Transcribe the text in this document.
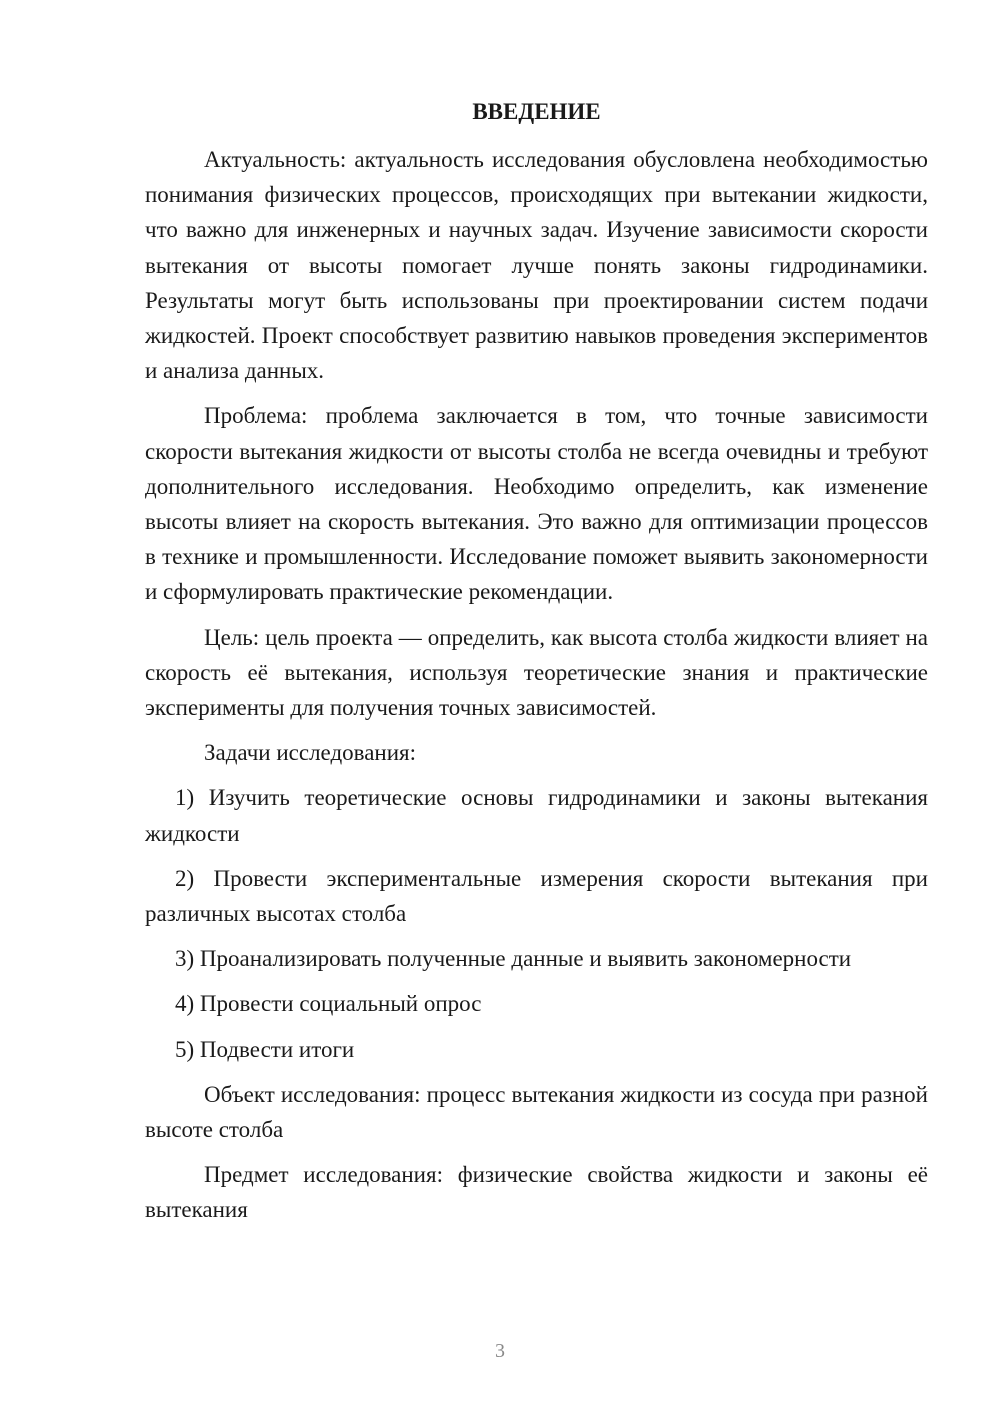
ВВЕДЕНИЕ

Актуальность: актуальность исследования обусловлена необходимостью понимания физических процессов, происходящих при вытекании жидкости, что важно для инженерных и научных задач. Изучение зависимости скорости вытекания от высоты помогает лучше понять законы гидродинамики. Результаты могут быть использованы при проектировании систем подачи жидкостей. Проект способствует развитию навыков проведения экспериментов и анализа данных.

Проблема: проблема заключается в том, что точные зависимости скорости вытекания жидкости от высоты столба не всегда очевидны и требуют дополнительного исследования. Необходимо определить, как изменение высоты влияет на скорость вытекания. Это важно для оптимизации процессов в технике и промышленности. Исследование поможет выявить закономерности и сформулировать практические рекомендации.

Цель: цель проекта — определить, как высота столба жидкости влияет на скорость её вытекания, используя теоретические знания и практические эксперименты для получения точных зависимостей.

Задачи исследования:

1) Изучить теоретические основы гидродинамики и законы вытекания жидкости

2) Провести экспериментальные измерения скорости вытекания при различных высотах столба

3) Проанализировать полученные данные и выявить закономерности

4) Провести социальный опрос

5) Подвести итоги

Объект исследования: процесс вытекания жидкости из сосуда при разной высоте столба

Предмет исследования: физические свойства жидкости и законы её вытекания

3
